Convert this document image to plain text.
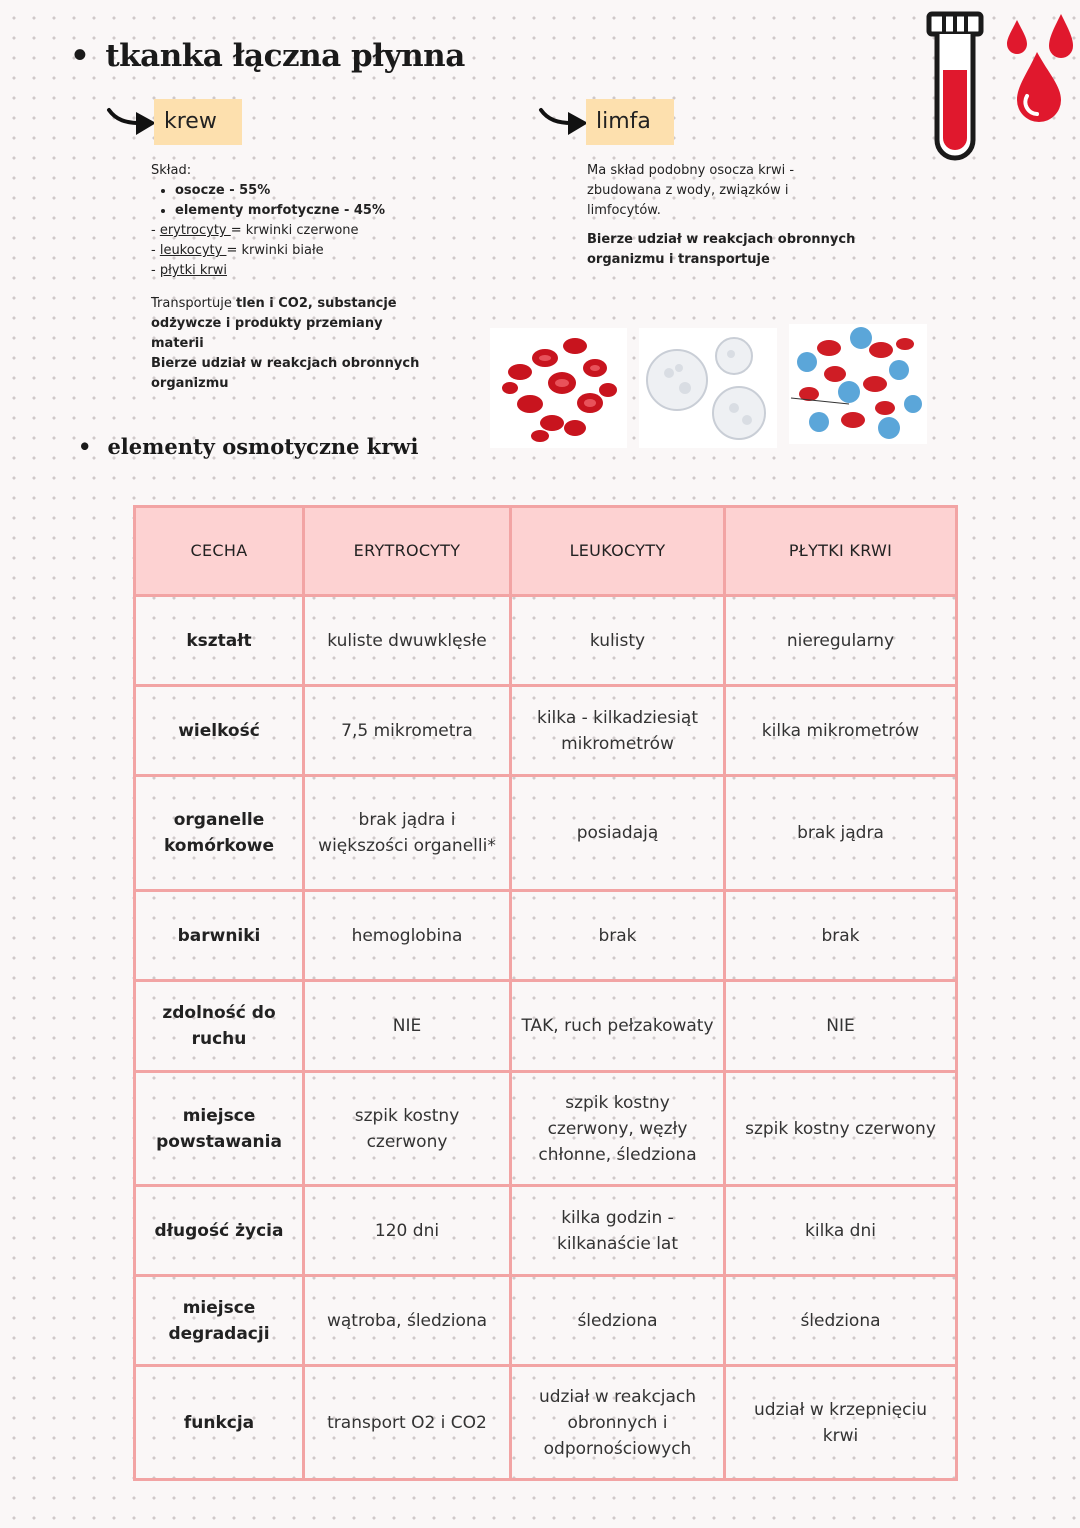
• tkanka łączna płynna
krew
Skład:
• osocze - 55%
• elementy morfotyczne - 45%
- erytrocyty = krwinki czerwone
- leukocyty = krwinki białe
- płytki krwi
Transportuje tlen i CO2, substancje
odżywcze i produkty przemiany
materii
Bierze udział w reakcjach obronnych organizmu
limfa
Ma skład podobny osocza krwi - zbudowana z wody, związków i limfocytów.
Bierze udział w reakcjach obronnych organizmu i transportuje
• elementy osmotyczne krwi
CECHA	ERYTROCYTY	LEUKOCYTY	PŁYTKI KRWI
kształt	kuliste dwuwklęsłe	kulisty	nieregularny
wielkość	7,5 mikrometra	kilka - kilkadziesiąt mikrometrów	kilka mikrometrów
organelle komórkowe	brak jądra i większości organelli*	posiadają	brak jądra
barwniki	hemoglobina	brak	brak
zdolność do ruchu	NIE	TAK, ruch pełzakowaty	NIE
miejsce powstawania	szpik kostny czerwony	szpik kostny czerwony, węzły chłonne, śledziona	szpik kostny czerwony
długość życia	120 dni	kilka godzin - kilkanaście lat	kilka dni
miejsce degradacji	wątroba, śledziona	śledziona	śledziona
funkcja	transport O2 i CO2	udział w reakcjach obronnych i odpornościowych	udział w krzepnięciu krwi
